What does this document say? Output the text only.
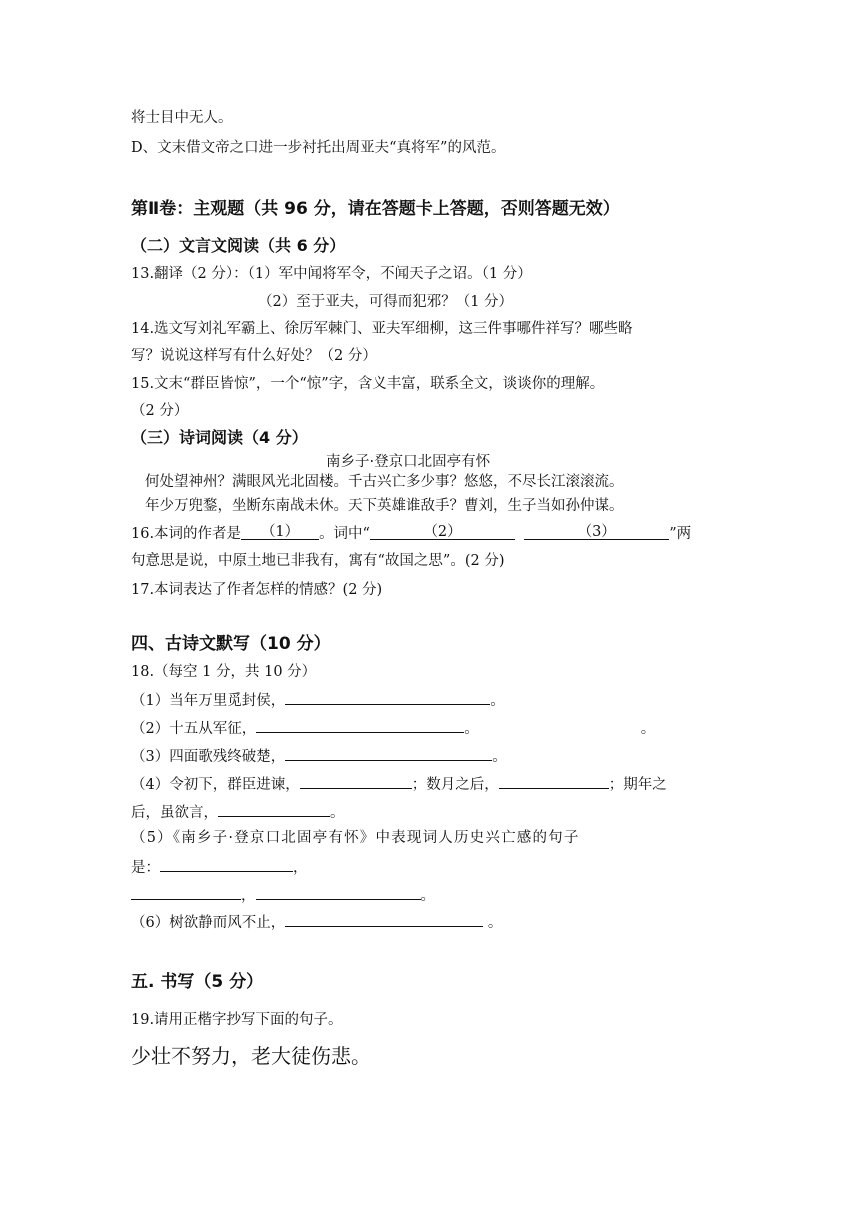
将士目中无人。
D、文末借文帝之口进一步衬托出周亚夫“真将军”的风范。
第Ⅱ卷：主观题（共 96 分，请在答题卡上答题，否则答题无效）
（二）文言文阅读（共 6 分）
13.翻译（2 分）：（1）军中闻将军令，不闻天子之诏。（1 分）
（2）至于亚夫，可得而犯邪？（1 分）
14.选文写刘礼军霸上、徐厉军棘门、亚夫军细柳，这三件事哪件祥写？哪些略
写？说说这样写有什么好处？（2 分）
15.文末“群臣皆惊”，一个“惊”字，含义丰富，联系全文，谈谈你的理解。
（2 分）
（三）诗词阅读（4 分）
南乡子·登京口北固亭有怀
何处望神州？满眼风光北固楼。千古兴亡多少事？悠悠，不尽长江滚滚流。
年少万兜鍪，坐断东南战未休。天下英雄谁敌手？曹刘，生子当如孙仲谋。
16.本词的作者是 （1） 。词中“	（2）	（3）	”两
句意思是说，中原土地已非我有，寓有“故国之思”。(2 分)
17.本词表达了作者怎样的情感？(2 分)
四、古诗文默写（10 分）
18.（每空 1 分，共 10 分）
（1）当年万里觅封侯，	。
（2）十五从军征，	。	。
（3）四面歌残终破楚，	。
（4）令初下，群臣进谏，	；数月之后，	；期年之
后，虽欲言，	。
（5）《南乡子·登京口北固亭有怀》中表现词人历史兴亡感的句子
是：	，
，	。
（6）树欲静而风不止，	。
五. 书写（5 分）
19.请用正楷字抄写下面的句子。
少壮不努力，老大徒伤悲。
